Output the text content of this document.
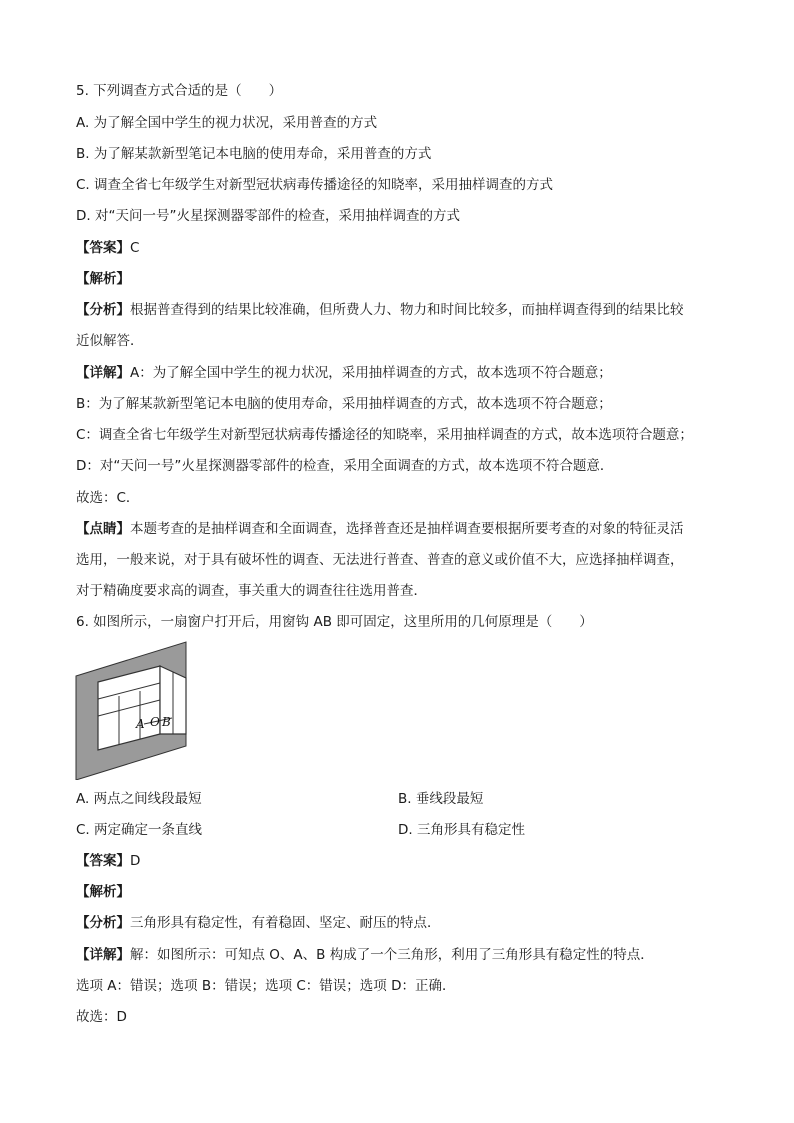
5. 下列调查方式合适的是（　　）

A. 为了解全国中学生的视力状况，采用普查的方式

B. 为了解某款新型笔记本电脑的使用寿命，采用普查的方式

C. 调查全省七年级学生对新型冠状病毒传播途径的知晓率，采用抽样调查的方式

D. 对“天问一号”火星探测器零部件的检查，采用抽样调查的方式

【答案】C

【解析】

【分析】根据普查得到的结果比较准确，但所费人力、物力和时间比较多，而抽样调查得到的结果比较

近似解答．

【详解】A：为了解全国中学生的视力状况，采用抽样调查的方式，故本选项不符合题意；

B：为了解某款新型笔记本电脑的使用寿命，采用抽样调查的方式，故本选项不符合题意；

C：调查全省七年级学生对新型冠状病毒传播途径的知晓率，采用抽样调查的方式，故本选项符合题意；

D：对“天问一号”火星探测器零部件的检查，采用全面调查的方式，故本选项不符合题意．

故选：C．

【点睛】本题考查的是抽样调查和全面调查，选择普查还是抽样调查要根据所要考查的对象的特征灵活

选用，一般来说，对于具有破坏性的调查、无法进行普查、普查的意义或价值不大，应选择抽样调查，

对于精确度要求高的调查，事关重大的调查往往选用普查．

6. 如图所示，一扇窗户打开后，用窗钩 AB 即可固定，这里所用的几何原理是（　　）

A O B
A. 两点之间线段最短	B. 垂线段最短
C. 两定确定一条直线	D. 三角形具有稳定性

【答案】D

【解析】

【分析】三角形具有稳定性，有着稳固、坚定、耐压的特点．

【详解】解：如图所示：可知点 O、A、B 构成了一个三角形，利用了三角形具有稳定性的特点．

选项 A：错误；选项 B：错误；选项 C：错误；选项 D：正确．

故选：D
